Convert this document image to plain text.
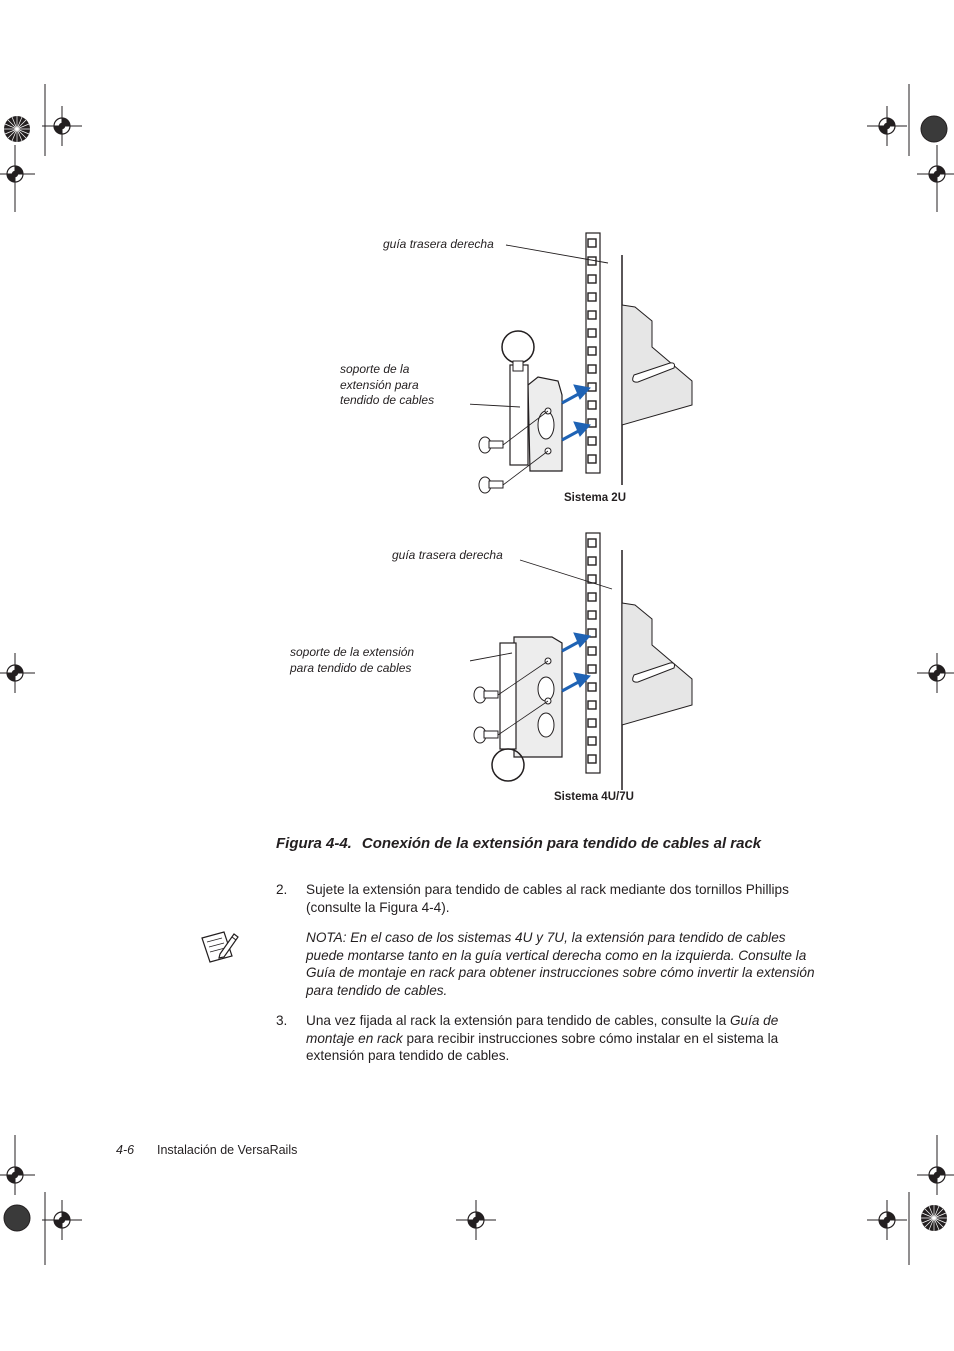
guía trasera derecha
soporte de la
extensión para
tendido de cables
Sistema 2U
guía trasera derecha
soporte de la extensión
para tendido de cables
Sistema 4U/7U
Figura 4-4. Conexión de la extensión para tendido de cables al rack
2. Sujete la extensión para tendido de cables al rack mediante dos tornillos Phillips (consulte la Figura 4-4).
NOTA: En el caso de los sistemas 4U y 7U, la extensión para tendido de cables puede montarse tanto en la guía vertical derecha como en la izquierda. Consulte la Guía de montaje en rack para obtener instrucciones sobre cómo invertir la extensión para tendido de cables.
3. Una vez fijada al rack la extensión para tendido de cables, consulte la Guía de montaje en rack para recibir instrucciones sobre cómo instalar en el sistema la extensión para tendido de cables.
4-6 Instalación de VersaRails
